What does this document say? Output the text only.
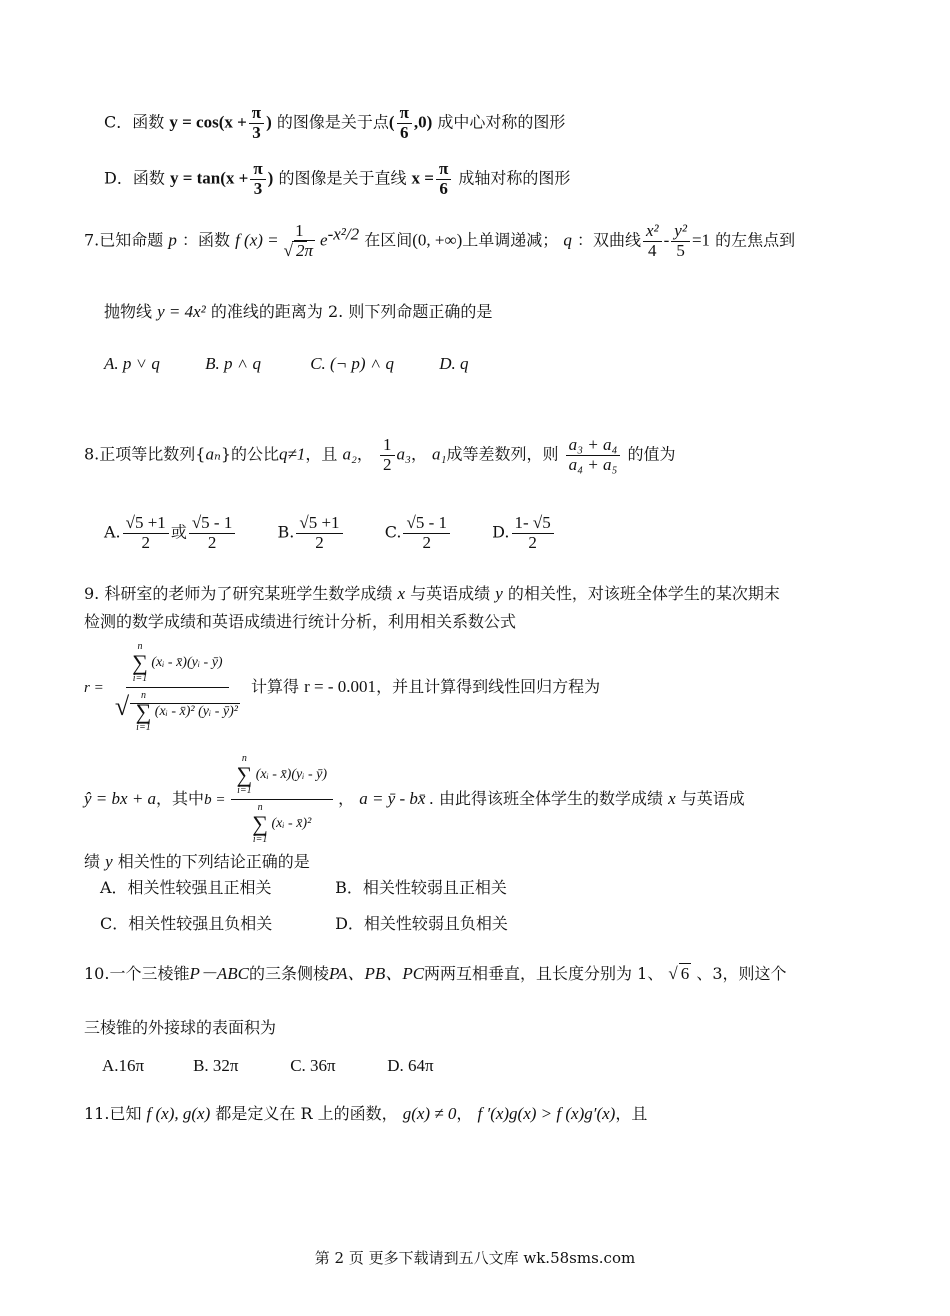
C．函数 $y = \cos(x + \frac{\pi}{3}$ ) 的图像是关于点( $\frac{\pi}{6} ,0$) 成中心对称的图形
D．函数 $y = \tan(x + \frac{\pi}{3}$ ) 的图像是关于直线 $x = \frac{\pi}{6}$ 成轴对称的图形
7.已知命题 p ：函数 f $(x) = \frac{1}{√ 2\pi} e^{-x^2/2}$ 在区间(0, +∞)上单调递减； q ：双曲线 $\frac{\text{x²}}{4} - \frac{\text{y²}}{5} =1$ 的左焦点到
抛物线 y = 4x² 的准线的距离为 2. 则下列命题正确的是
A. p ˅ q	B. p ˄ q	C. (¬ p) ˄ q	D. q
8.正项等比数列{aₙ}的公比q≠1，且 a₂， $\frac{1}{2} a_3$， a₁成等差数列，则 $\frac{\text{a₃ + a₄}}{\text{a₄ + a₅}}$ 的值为
A. $\frac{√5 +1}{2}$ 或 $\frac{√5 - 1}{2}$	B. $\frac{√5 +1}{2}$	C. $\frac{√5 - 1}{2}$	D. $\frac{1- √5}{2}$
9. 科研室的老师为了研究某班学生数学成绩 x 与英语成绩 y 的相关性，对该班全体学生的某次期末
检测的数学成绩和英语成绩进行统计分析，利用相关系数公式
r = n
∑
i=1
(xᵢ - x̄)(yᵢ - ȳ)
√ n
∑
i=1
(xᵢ - x̄)² (yᵢ - ȳ)² 计算得 r = - 0.001，并且计算得到线性回归方程为
ŷ = bx + a，其中b = n
∑
i=1
(xᵢ - x̄)(yᵢ - ȳ)
n
∑
i=1
(xᵢ - x̄)² ， a = ȳ - bx̄ . 由此得该班全体学生的数学成绩 x 与英语成
绩 y 相关性的下列结论正确的是
A．相关性较强且正相关	B．相关性较弱且正相关
C．相关性较强且负相关	D．相关性较弱且负相关
10.一个三棱锥P－ABC的三条侧棱PA、PB、PC两两互相垂直，且长度分别为 1、 √ 6 、3，则这个
三棱锥的外接球的表面积为
A.16π	B. 32π	C. 36π	D. 64π
11.已知 f (x), g(x) 都是定义在 R 上的函数， g(x) ≠ 0， f ′(x)g(x) > f (x)g′(x)，且
第 2 页 更多下载请到五八文库 wk.58sms.com
